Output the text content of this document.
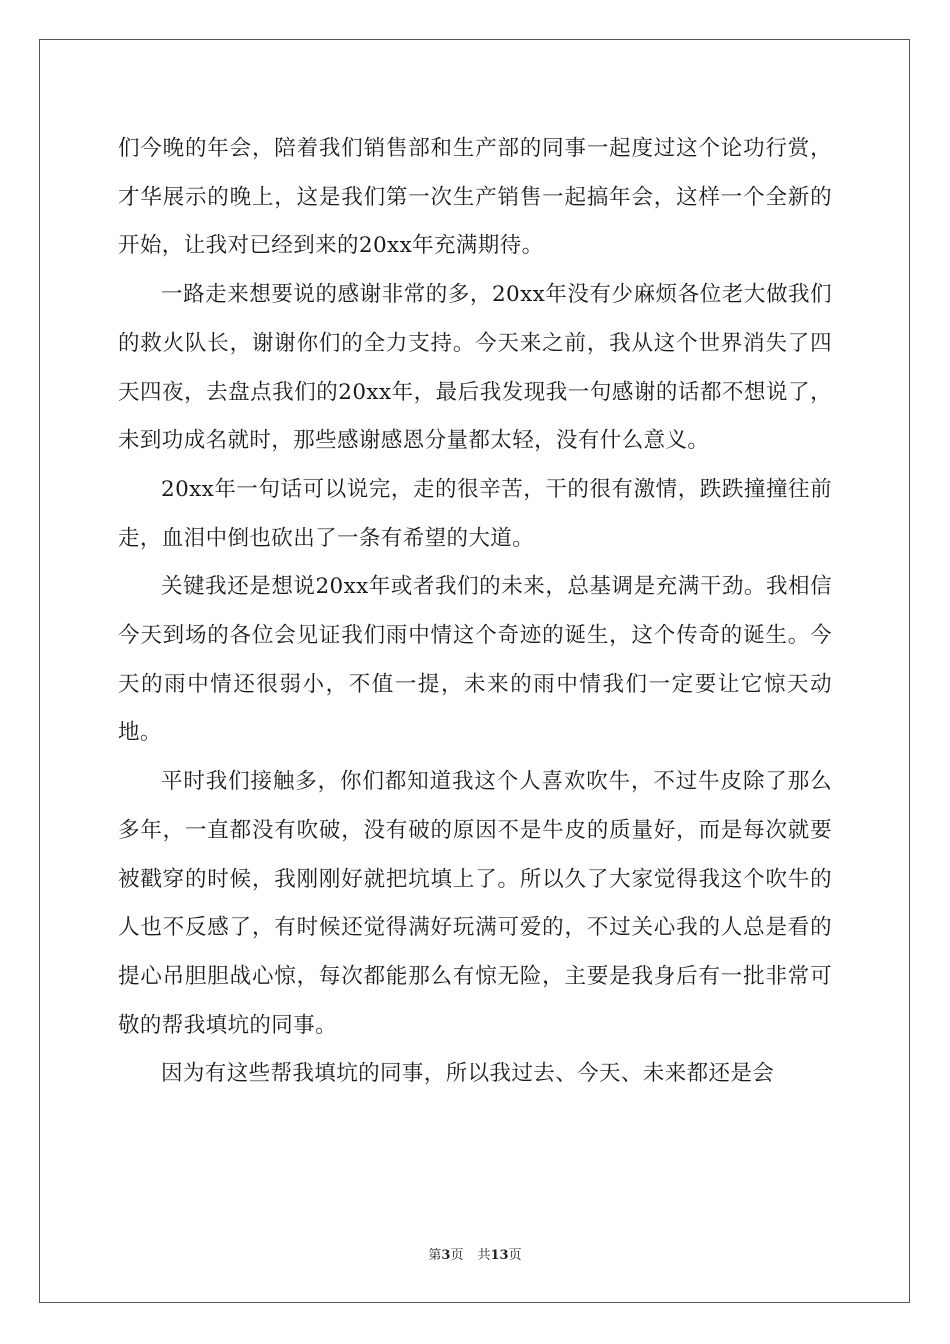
们今晚的年会，陪着我们销售部和生产部的同事一起度过这个论功行赏，才华展示的晚上，这是我们第一次生产销售一起搞年会，这样一个全新的开始，让我对已经到来的20xx年充满期待。

一路走来想要说的感谢非常的多，20xx年没有少麻烦各位老大做我们的救火队长，谢谢你们的全力支持。今天来之前，我从这个世界消失了四天四夜，去盘点我们的20xx年，最后我发现我一句感谢的话都不想说了，未到功成名就时，那些感谢感恩分量都太轻，没有什么意义。

20xx年一句话可以说完，走的很辛苦，干的很有激情，跌跌撞撞往前走，血泪中倒也砍出了一条有希望的大道。

关键我还是想说20xx年或者我们的未来，总基调是充满干劲。我相信今天到场的各位会见证我们雨中情这个奇迹的诞生，这个传奇的诞生。今天的雨中情还很弱小，不值一提，未来的雨中情我们一定要让它惊天动地。

平时我们接触多，你们都知道我这个人喜欢吹牛，不过牛皮除了那么多年，一直都没有吹破，没有破的原因不是牛皮的质量好，而是每次就要被戳穿的时候，我刚刚好就把坑填上了。所以久了大家觉得我这个吹牛的人也不反感了，有时候还觉得满好玩满可爱的，不过关心我的人总是看的提心吊胆胆战心惊，每次都能那么有惊无险，主要是我身后有一批非常可敬的帮我填坑的同事。

因为有这些帮我填坑的同事，所以我过去、今天、未来都还是会

第3页 共13页
